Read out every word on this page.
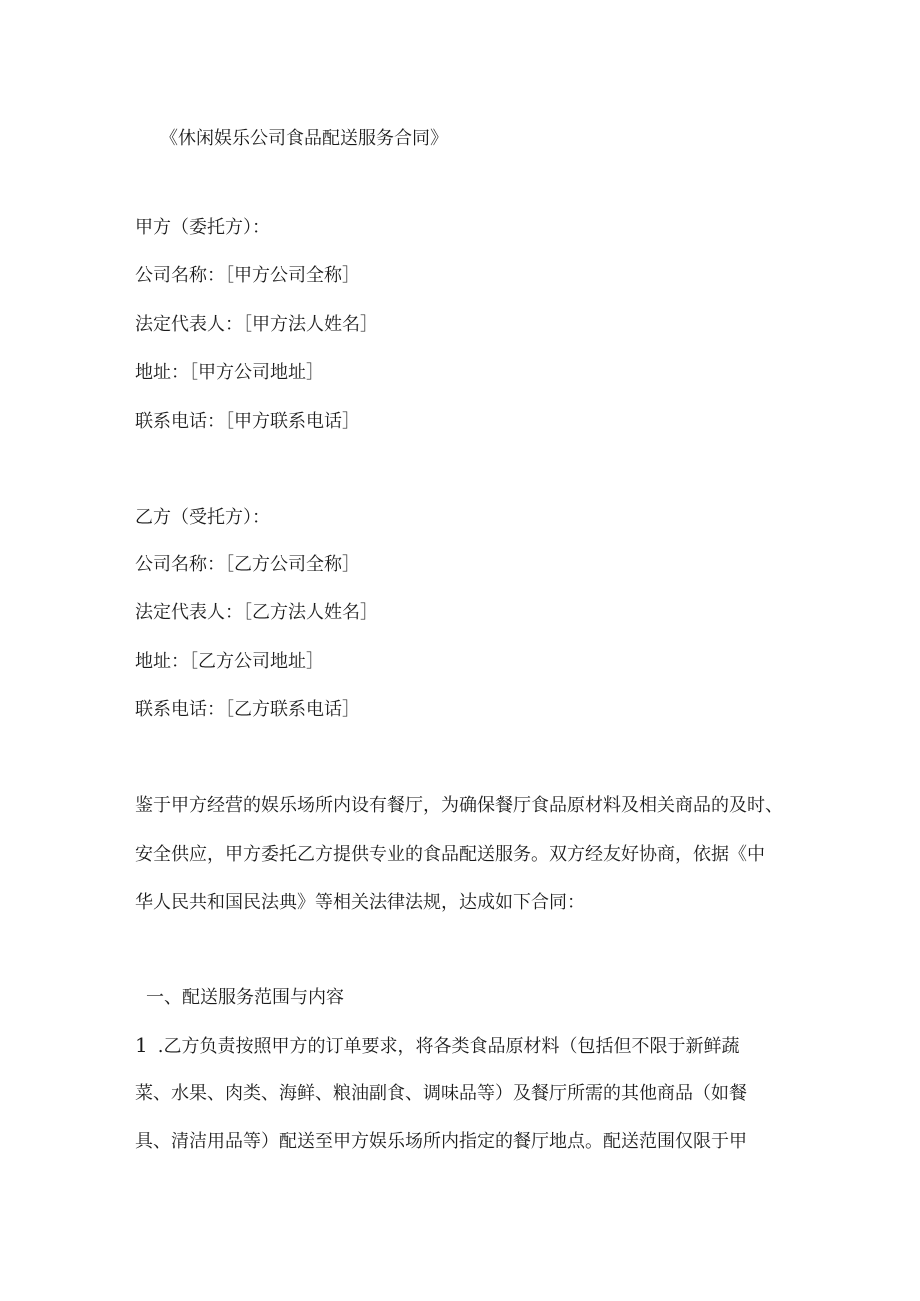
《休闲娱乐公司食品配送服务合同》
甲方（委托方）：
公司名称：［甲方公司全称］
法定代表人：［甲方法人姓名］
地址：［甲方公司地址］
联系电话：［甲方联系电话］
乙方（受托方）：
公司名称：［乙方公司全称］
法定代表人：［乙方法人姓名］
地址：［乙方公司地址］
联系电话：［乙方联系电话］
鉴于甲方经营的娱乐场所内设有餐厅，为确保餐厅食品原材料及相关商品的及时、
安全供应，甲方委托乙方提供专业的食品配送服务。双方经友好协商，依据《中
华人民共和国民法典》等相关法律法规，达成如下合同：
一、配送服务范围与内容
1 .乙方负责按照甲方的订单要求，将各类食品原材料（包括但不限于新鲜蔬
菜、水果、肉类、海鲜、粮油副食、调味品等）及餐厅所需的其他商品（如餐
具、清洁用品等）配送至甲方娱乐场所内指定的餐厅地点。配送范围仅限于甲
